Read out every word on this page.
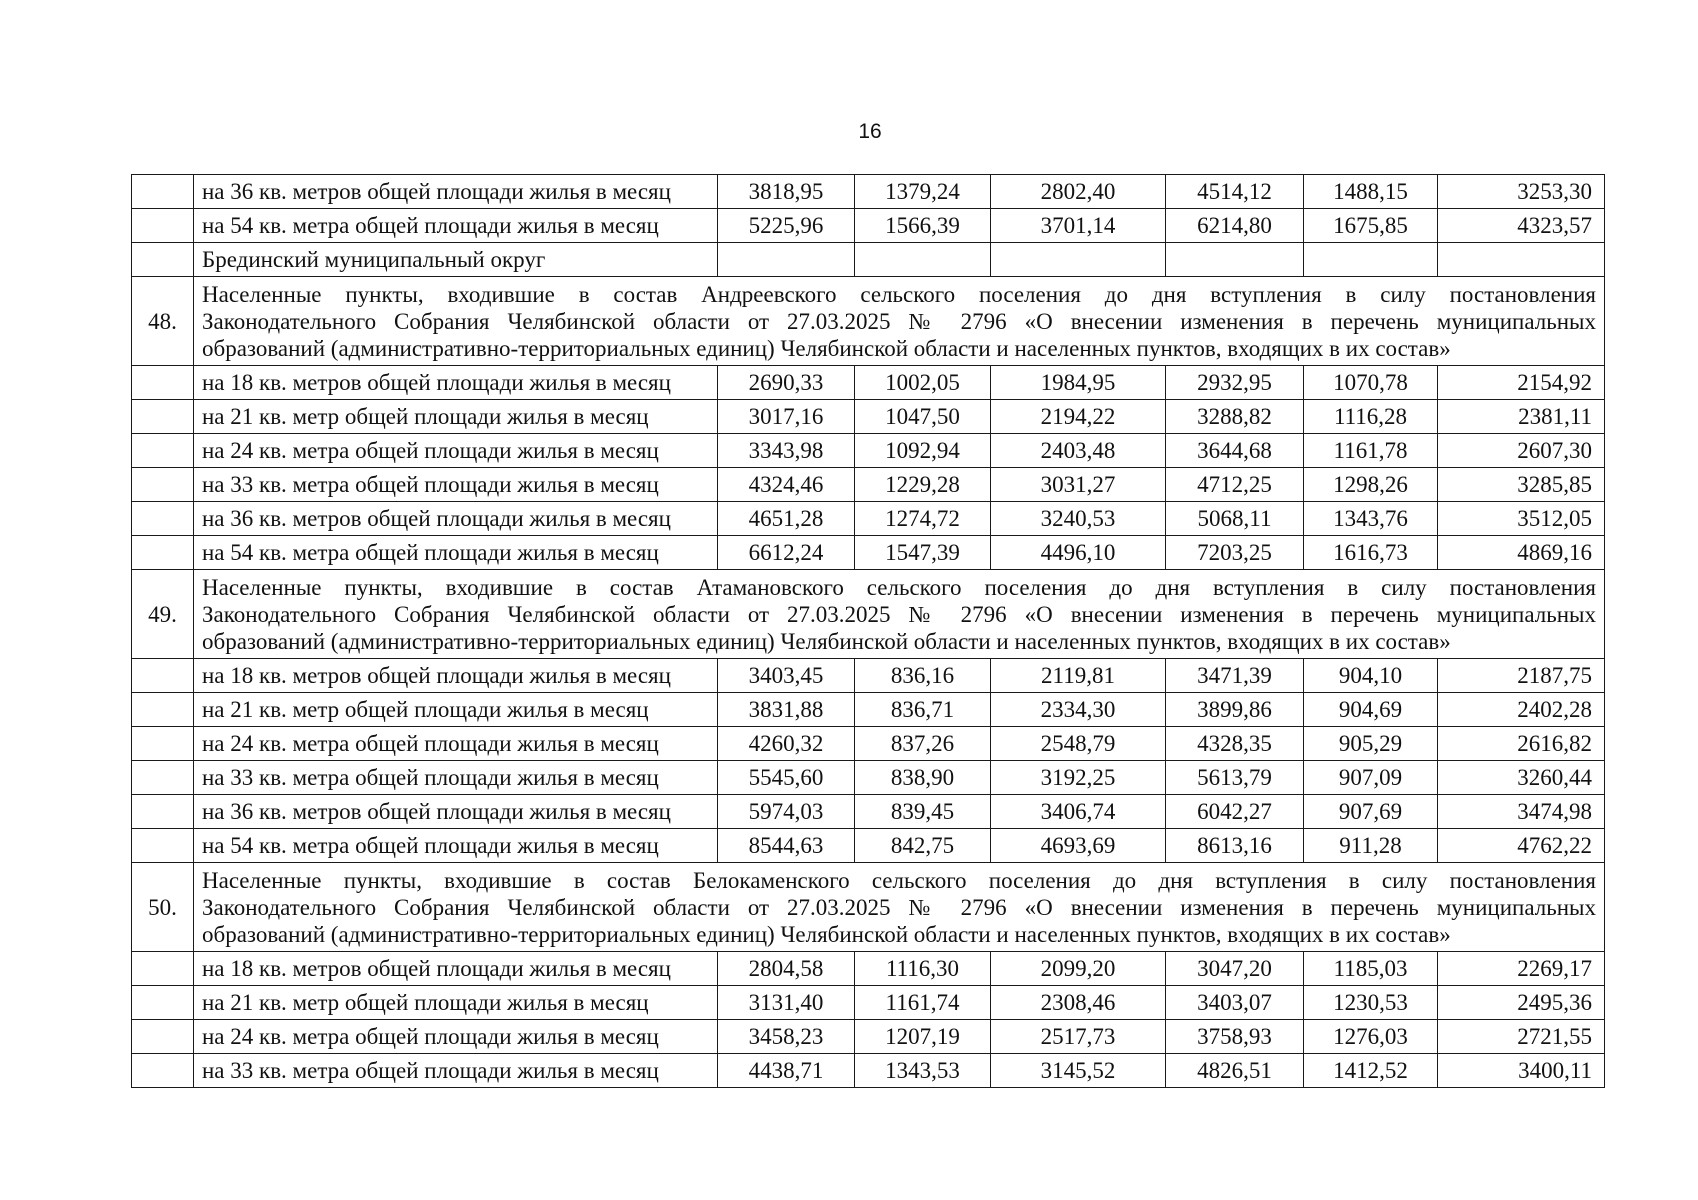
16
	на 36 кв. метров общей площади жилья в месяц	3818,95	1379,24	2802,40	4514,12	1488,15	3253,30
	на 54 кв. метра общей площади жилья в месяц	5225,96	1566,39	3701,14	6214,80	1675,85	4323,57
	Брединский муниципальный округ						
48.	Населенные пункты, входившие в состав Андреевского сельского поселения до дня вступления в силу постановления
Законодательного Собрания Челябинской области от 27.03.2025 № 2796 «О внесении изменения в перечень муниципальных
образований (административно-территориальных единиц) Челябинской области и населенных пунктов, входящих в их состав»						

	на 18 кв. метров общей площади жилья в месяц	2690,33	1002,05	1984,95	2932,95	1070,78	2154,92
	на 21 кв. метр общей площади жилья в месяц	3017,16	1047,50	2194,22	3288,82	1116,28	2381,11
	на 24 кв. метра общей площади жилья в месяц	3343,98	1092,94	2403,48	3644,68	1161,78	2607,30
	на 33 кв. метра общей площади жилья в месяц	4324,46	1229,28	3031,27	4712,25	1298,26	3285,85
	на 36 кв. метров общей площади жилья в месяц	4651,28	1274,72	3240,53	5068,11	1343,76	3512,05
	на 54 кв. метра общей площади жилья в месяц	6612,24	1547,39	4496,10	7203,25	1616,73	4869,16
49.	Населенные пункты, входившие в состав Атамановского сельского поселения до дня вступления в силу постановления
Законодательного Собрания Челябинской области от 27.03.2025 № 2796 «О внесении изменения в перечень муниципальных
образований (административно-территориальных единиц) Челябинской области и населенных пунктов, входящих в их состав»						

	на 18 кв. метров общей площади жилья в месяц	3403,45	836,16	2119,81	3471,39	904,10	2187,75
	на 21 кв. метр общей площади жилья в месяц	3831,88	836,71	2334,30	3899,86	904,69	2402,28
	на 24 кв. метра общей площади жилья в месяц	4260,32	837,26	2548,79	4328,35	905,29	2616,82
	на 33 кв. метра общей площади жилья в месяц	5545,60	838,90	3192,25	5613,79	907,09	3260,44
	на 36 кв. метров общей площади жилья в месяц	5974,03	839,45	3406,74	6042,27	907,69	3474,98
	на 54 кв. метра общей площади жилья в месяц	8544,63	842,75	4693,69	8613,16	911,28	4762,22
50.	Населенные пункты, входившие в состав Белокаменского сельского поселения до дня вступления в силу постановления
Законодательного Собрания Челябинской области от 27.03.2025 № 2796 «О внесении изменения в перечень муниципальных
образований (административно-территориальных единиц) Челябинской области и населенных пунктов, входящих в их состав»						

	на 18 кв. метров общей площади жилья в месяц	2804,58	1116,30	2099,20	3047,20	1185,03	2269,17
	на 21 кв. метр общей площади жилья в месяц	3131,40	1161,74	2308,46	3403,07	1230,53	2495,36
	на 24 кв. метра общей площади жилья в месяц	3458,23	1207,19	2517,73	3758,93	1276,03	2721,55
	на 33 кв. метра общей площади жилья в месяц	4438,71	1343,53	3145,52	4826,51	1412,52	3400,11
